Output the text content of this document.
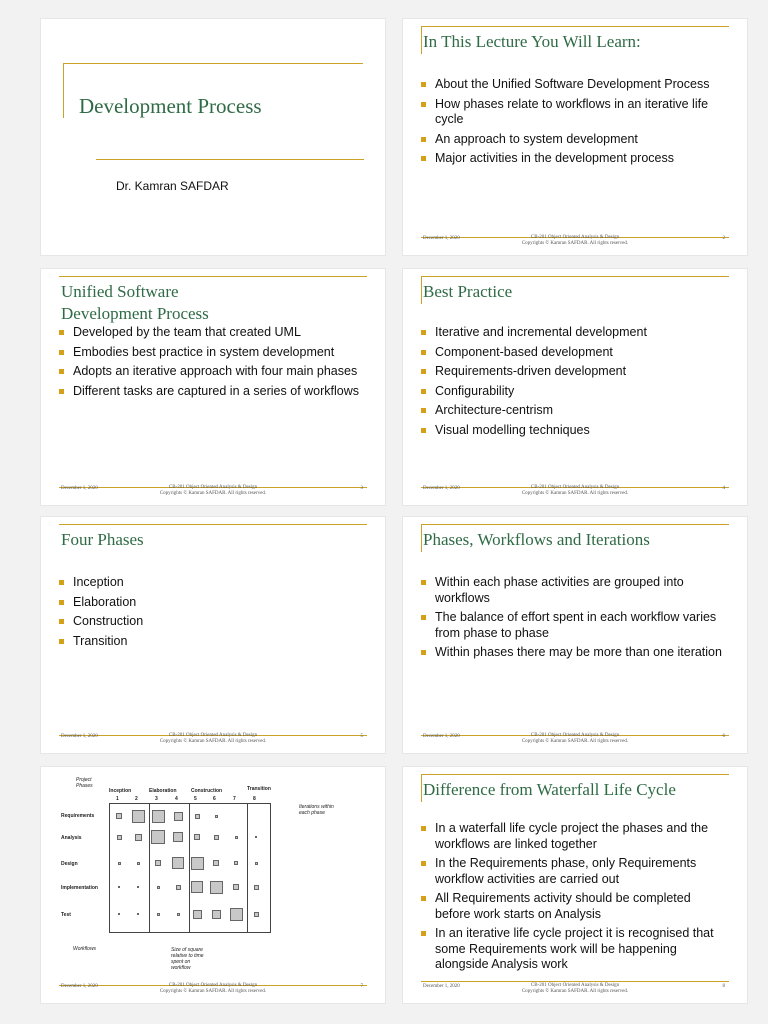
Development Process
Dr. Kamran SAFDAR
In This Lecture You Will Learn:
About the Unified Software Development Process
How phases relate to workflows in an iterative life cycle
An approach to system development
Major activities in the development process
December 1, 2020	CB-201 Object Oriented Analysis & Design
Copyrights © Kamran SAFDAR. All rights reserved.
2
Unified Software
Development Process
Developed by the team that created UML
Embodies best practice in system development
Adopts an iterative approach with four main phases
Different tasks are captured in a series of workflows
December 1, 2020	CB-201 Object Oriented Analysis & Design
Copyrights © Kamran SAFDAR. All rights reserved.
3
Best Practice
Iterative and incremental development
Component-based development
Requirements-driven development
Configurability
Architecture-centrism
Visual modelling techniques
December 1, 2020	CB-201 Object Oriented Analysis & Design
Copyrights © Kamran SAFDAR. All rights reserved.
4
Four Phases
Inception
Elaboration
Construction
Transition
December 1, 2020	CB-201 Object Oriented Analysis & Design
Copyrights © Kamran SAFDAR. All rights reserved.
5
Phases, Workflows and Iterations
Within each phase activities are grouped into workflows
The balance of effort spent in each workflow varies from phase to phase
Within phases there may be more than one iteration
December 1, 2020	CB-201 Object Oriented Analysis & Design
Copyrights © Kamran SAFDAR. All rights reserved.
6
Project Phases
Inception	Elaboration	Construction	Transition
1	2	3	4	5	6	7	8
Requirements
Analysis
Design
Implementation
Test
Iterations within each phase
Workflows	Size of square relative to time spent on workflow
December 1, 2020	CB-201 Object Oriented Analysis & Design
Copyrights © Kamran SAFDAR. All rights reserved.
7
Difference from Waterfall Life Cycle
In a waterfall life cycle project the phases and the workflows are linked together
In the Requirements phase, only Requirements workflow activities are carried out
All Requirements activity should be completed before work starts on Analysis
In an iterative life cycle project it is recognised that some Requirements work will be happening alongside Analysis work
December 1, 2020	CB-201 Object Oriented Analysis & Design
Copyrights © Kamran SAFDAR. All rights reserved.
8
